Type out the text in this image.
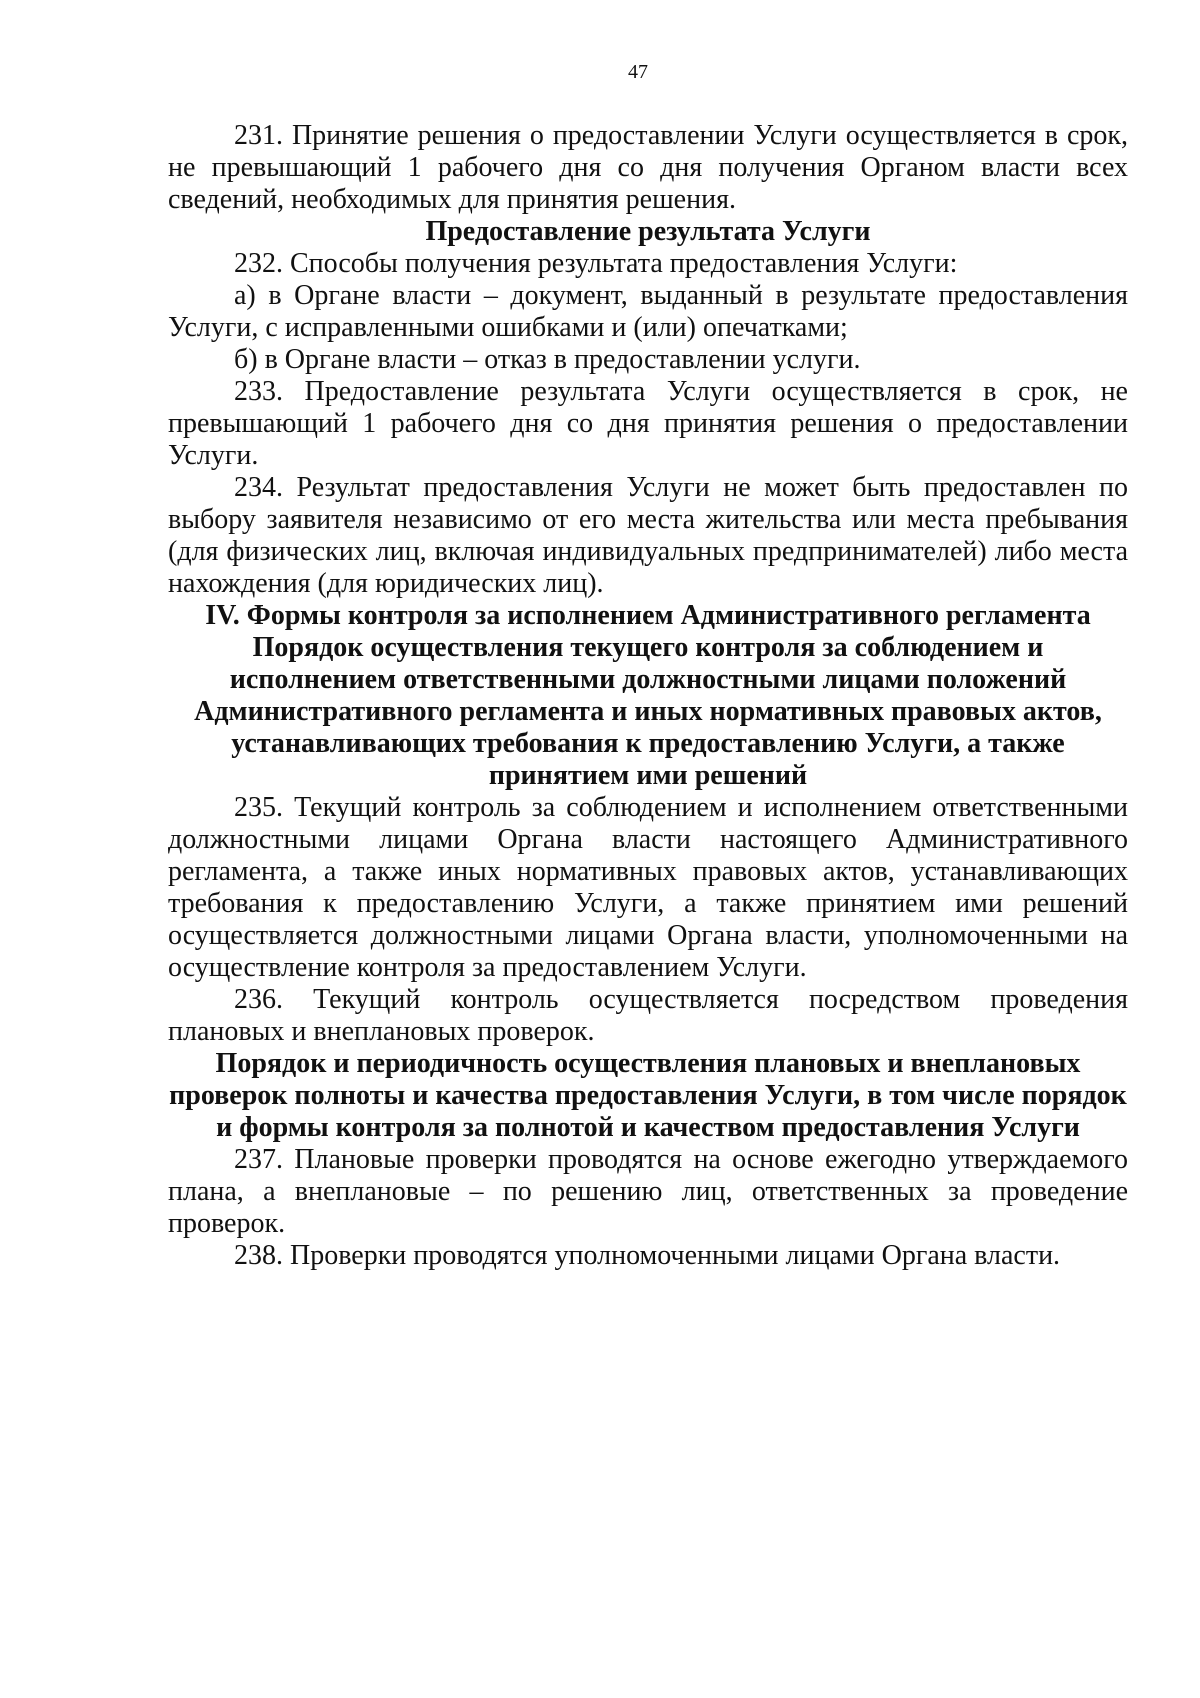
47

231. Принятие решения о предоставлении Услуги осуществляется в срок, не превышающий 1 рабочего дня со дня получения Органом власти всех сведений, необходимых для принятия решения.

Предоставление результата Услуги

232. Способы получения результата предоставления Услуги:

а) в Органе власти – документ, выданный в результате предоставления Услуги, с исправленными ошибками и (или) опечатками;

б) в Органе власти – отказ в предоставлении услуги.

233. Предоставление результата Услуги осуществляется в срок, не превышающий 1 рабочего дня со дня принятия решения о предоставлении Услуги.

234. Результат предоставления Услуги не может быть предоставлен по выбору заявителя независимо от его места жительства или места пребывания (для физических лиц, включая индивидуальных предпринимателей) либо места нахождения (для юридических лиц).

IV. Формы контроля за исполнением Административного регламента
Порядок осуществления текущего контроля за соблюдением и исполнением ответственными должностными лицами положений Административного регламента и иных нормативных правовых актов, устанавливающих требования к предоставлению Услуги, а также принятием ими решений

235. Текущий контроль за соблюдением и исполнением ответственными должностными лицами Органа власти настоящего Административного регламента, а также иных нормативных правовых актов, устанавливающих требования к предоставлению Услуги, а также принятием ими решений осуществляется должностными лицами Органа власти, уполномоченными на осуществление контроля за предоставлением Услуги.

236. Текущий контроль осуществляется посредством проведения плановых и внеплановых проверок.

Порядок и периодичность осуществления плановых и внеплановых проверок полноты и качества предоставления Услуги, в том числе порядок и формы контроля за полнотой и качеством предоставления Услуги

237. Плановые проверки проводятся на основе ежегодно утверждаемого плана, а внеплановые – по решению лиц, ответственных за проведение проверок.

238. Проверки проводятся уполномоченными лицами Органа власти.
